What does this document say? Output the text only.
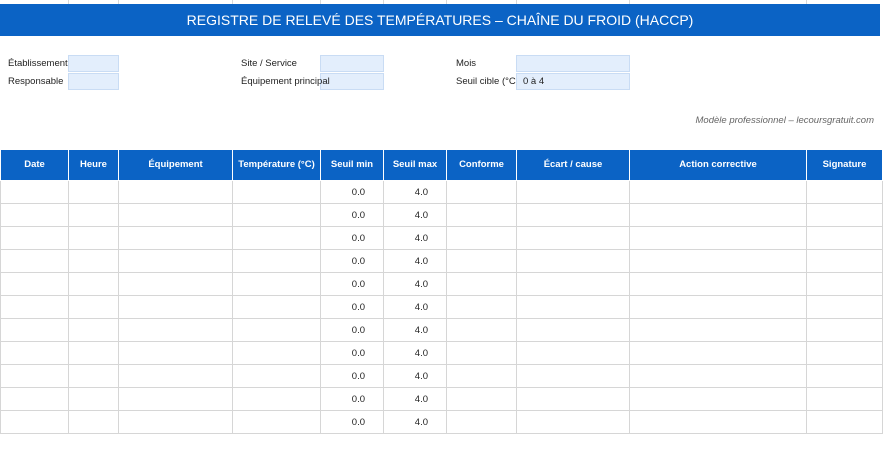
REGISTRE DE RELEVÉ DES TEMPÉRATURES – CHAÎNE DU FROID (HACCP)
Établissement
Responsable
Site / Service
Équipement principal
Mois
Seuil cible (°C 0 à 4
Modèle professionnel – lecoursgratuit.com
Date	Heure	Équipement	Température (°C)	Seuil min	Seuil max	Conforme	Écart / cause	Action corrective	Signature
				0.0	4.0				
				0.0	4.0				
				0.0	4.0				
				0.0	4.0				
				0.0	4.0				
				0.0	4.0				
				0.0	4.0				
				0.0	4.0				
				0.0	4.0				
				0.0	4.0				
				0.0	4.0				
